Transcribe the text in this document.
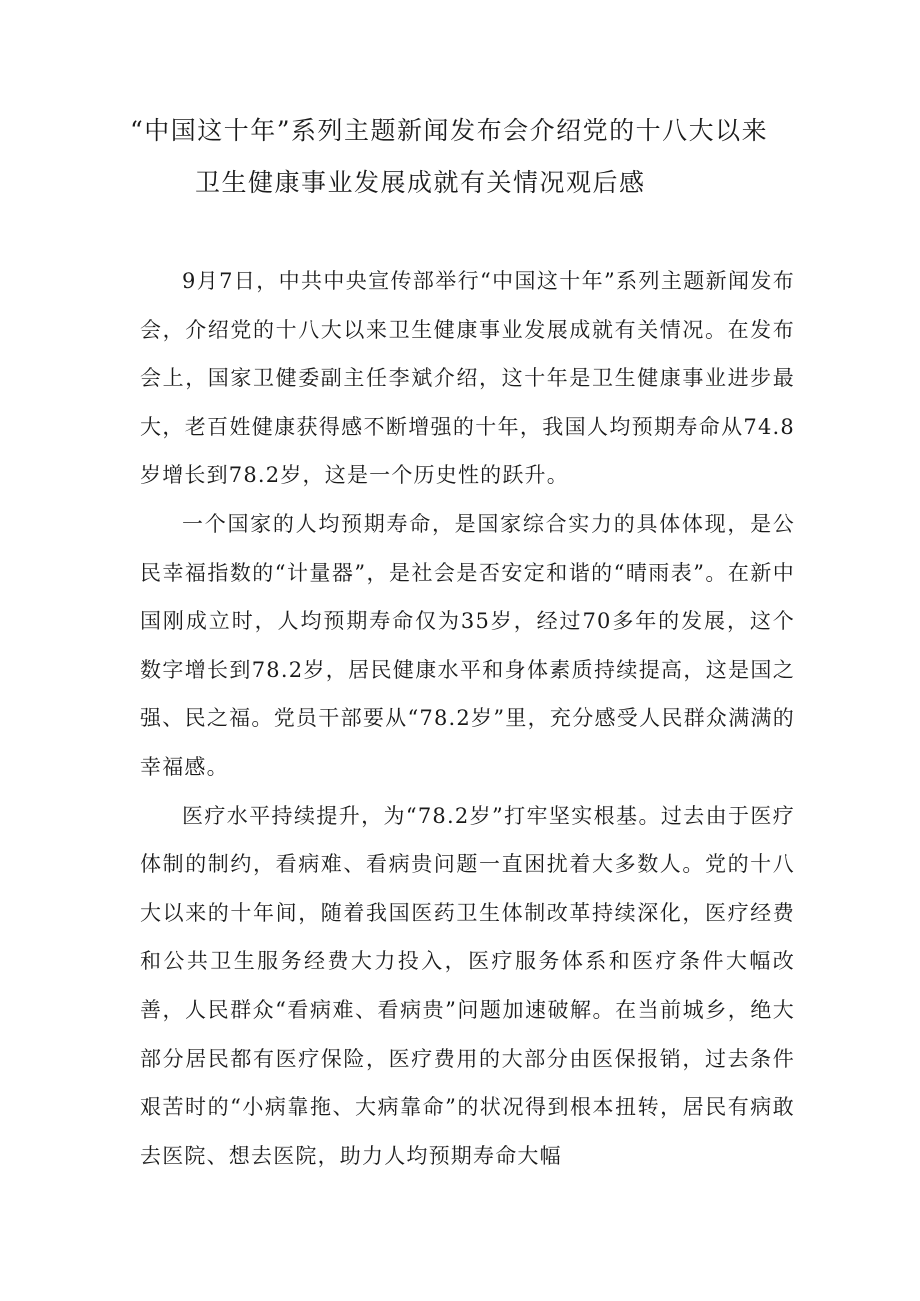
“中国这十年”系列主题新闻发布会介绍党的十八大以来
卫生健康事业发展成就有关情况观后感

9月7日，中共中央宣传部举行“中国这十年”系列主题新闻发布会，介绍党的十八大以来卫生健康事业发展成就有关情况。在发布会上，国家卫健委副主任李斌介绍，这十年是卫生健康事业进步最大，老百姓健康获得感不断增强的十年，我国人均预期寿命从74.8岁增长到78.2岁，这是一个历史性的跃升。

一个国家的人均预期寿命，是国家综合实力的具体体现，是公民幸福指数的“计量器”，是社会是否安定和谐的“晴雨表”。在新中国刚成立时，人均预期寿命仅为35岁，经过70多年的发展，这个数字增长到78.2岁，居民健康水平和身体素质持续提高，这是国之强、民之福。党员干部要从“78.2岁”里，充分感受人民群众满满的幸福感。

医疗水平持续提升，为“78.2岁”打牢坚实根基。过去由于医疗体制的制约，看病难、看病贵问题一直困扰着大多数人。党的十八大以来的十年间，随着我国医药卫生体制改革持续深化，医疗经费和公共卫生服务经费大力投入，医疗服务体系和医疗条件大幅改善，人民群众“看病难、看病贵”问题加速破解。在当前城乡，绝大部分居民都有医疗保险，医疗费用的大部分由医保报销，过去条件艰苦时的“小病靠拖、大病靠命”的状况得到根本扭转，居民有病敢去医院、想去医院，助力人均预期寿命大幅
